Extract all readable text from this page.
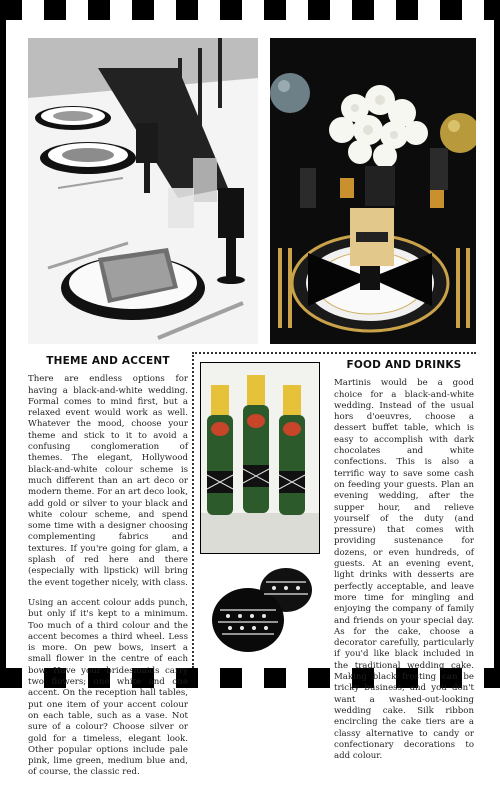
THEME AND ACCENT

There are endless options for having a black-and-white wedding. Formal comes to mind first, but a relaxed event would work as well. Whatever the mood, choose your theme and stick to it to avoid a confusing conglomeration of themes. The elegant, Hollywood black-and-white colour scheme is much different than an art deco or modern theme. For an art deco look, add gold or silver to your black and white colour scheme, and spend some time with a designer choosing complementing fabrics and textures. If you're going for glam, a splash of red here and there (especially with lipstick) will bring the event together nicely, with class.

Using an accent colour adds punch, but only if it's kept to a minimum. Too much of a third colour and the accent becomes a third wheel. Less is more. On pew bows, insert a small flower in the centre of each bow. Have your bridesmaids carry two flowers; one white and one accent. On the reception hall tables, put one item of your accent colour on each table, such as a vase. Not sure of a colour? Choose silver or gold for a timeless, elegant look. Other popular options include pale pink, lime green, medium blue and, of course, the classic red.

FOOD AND DRINKS

Martinis would be a good choice for a black-and-white wedding. Instead of the usual hors d'oeuvres, choose a dessert buffet table, which is easy to accomplish with dark chocolates and white confections. This is also a terrific way to save some cash on feeding your guests. Plan an evening wedding, after the supper hour, and relieve yourself of the duty (and pressure) that comes with providing sustenance for dozens, or even hundreds, of guests. At an evening event, light drinks with desserts are perfectly acceptable, and leave more time for mingling and enjoying the company of family and friends on your special day. As for the cake, choose a decorator carefully, particularly if you'd like black included in the traditional wedding cake. Making black frosting can be tricky business, and you don't want a washed-out-looking wedding cake. Silk ribbon encircling the cake tiers are a classy alternative to candy or confectionary decorations to add colour.
